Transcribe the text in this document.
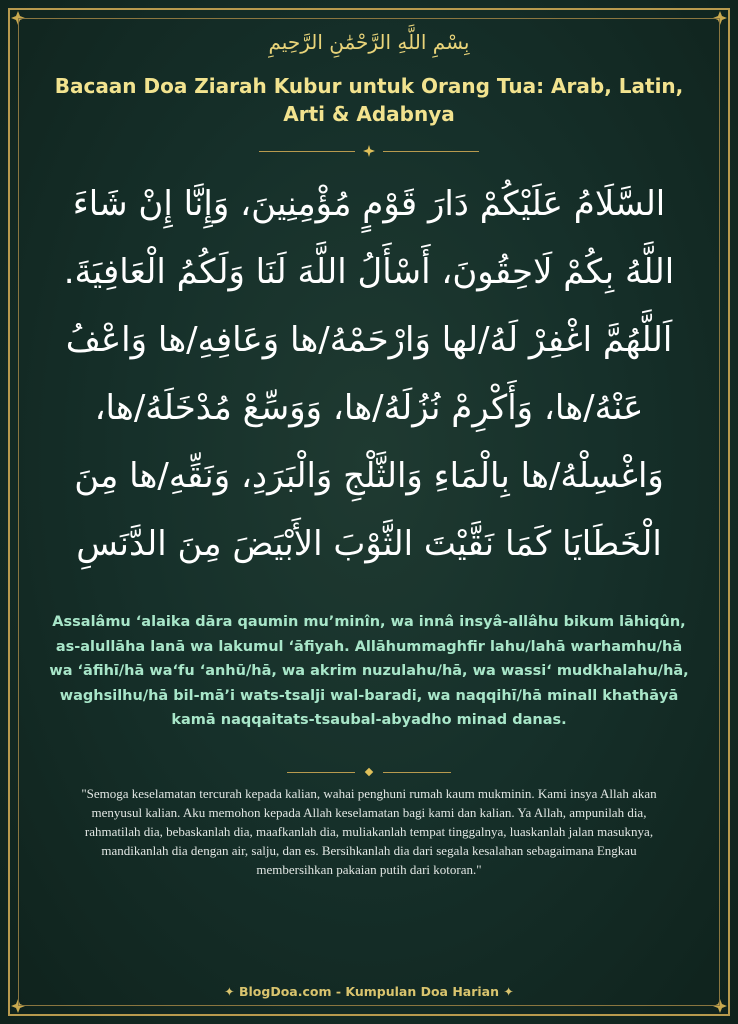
بِسْمِ اللَّهِ الرَّحْمَٰنِ الرَّحِيمِ
Bacaan Doa Ziarah Kubur untuk Orang Tua: Arab, Latin, Arti & Adabnya
السَّلَامُ عَلَيْكُمْ دَارَ قَوْمٍ مُؤْمِنِينَ، وَإِنَّا إِنْ شَاءَ اللَّهُ بِكُمْ لَاحِقُونَ، أَسْأَلُ اللَّهَ لَنَا وَلَكُمُ الْعَافِيَةَ. اَللَّهُمَّ اغْفِرْ لَهُ/لها وَارْحَمْهُ/ها وَعَافِهِ/ها وَاعْفُ عَنْهُ/ها، وَأَكْرِمْ نُزُلَهُ/ها، وَوَسِّعْ مُدْخَلَهُ/ها، وَاغْسِلْهُ/ها بِالْمَاءِ وَالثَّلْجِ وَالْبَرَدِ، وَنَقِّهِ/ها مِنَ الْخَطَايَا كَمَا نَقَّيْتَ الثَّوْبَ الأَبْيَضَ مِنَ الدَّنَسِ
Assalâmu ‘alaika dāra qaumin mu’minîn, wa innâ insyâ-allâhu bikum lāhiqûn, as-alullāha lanā wa lakumul ‘āfiyah. Allāhummaghfir lahu/lahā warhamhu/hā wa ‘āfihī/hā wa‘fu ‘anhū/hā, wa akrim nuzulahu/hā, wa wassi‘ mudkhalahu/hā, waghsilhu/hā bil-mā’i wats-tsalji wal-baradi, wa naqqihī/hā minall khathāyā kamā naqqaitats-tsaubal-abyadho minad danas.
"Semoga keselamatan tercurah kepada kalian, wahai penghuni rumah kaum mukminin. Kami insya Allah akan menyusul kalian. Aku memohon kepada Allah keselamatan bagi kami dan kalian. Ya Allah, ampunilah dia, rahmatilah dia, bebaskanlah dia, maafkanlah dia, muliakanlah tempat tinggalnya, luaskanlah jalan masuknya, mandikanlah dia dengan air, salju, dan es. Bersihkanlah dia dari segala kesalahan sebagaimana Engkau membersihkan pakaian putih dari kotoran."
✦ BlogDoa.com - Kumpulan Doa Harian ✦
